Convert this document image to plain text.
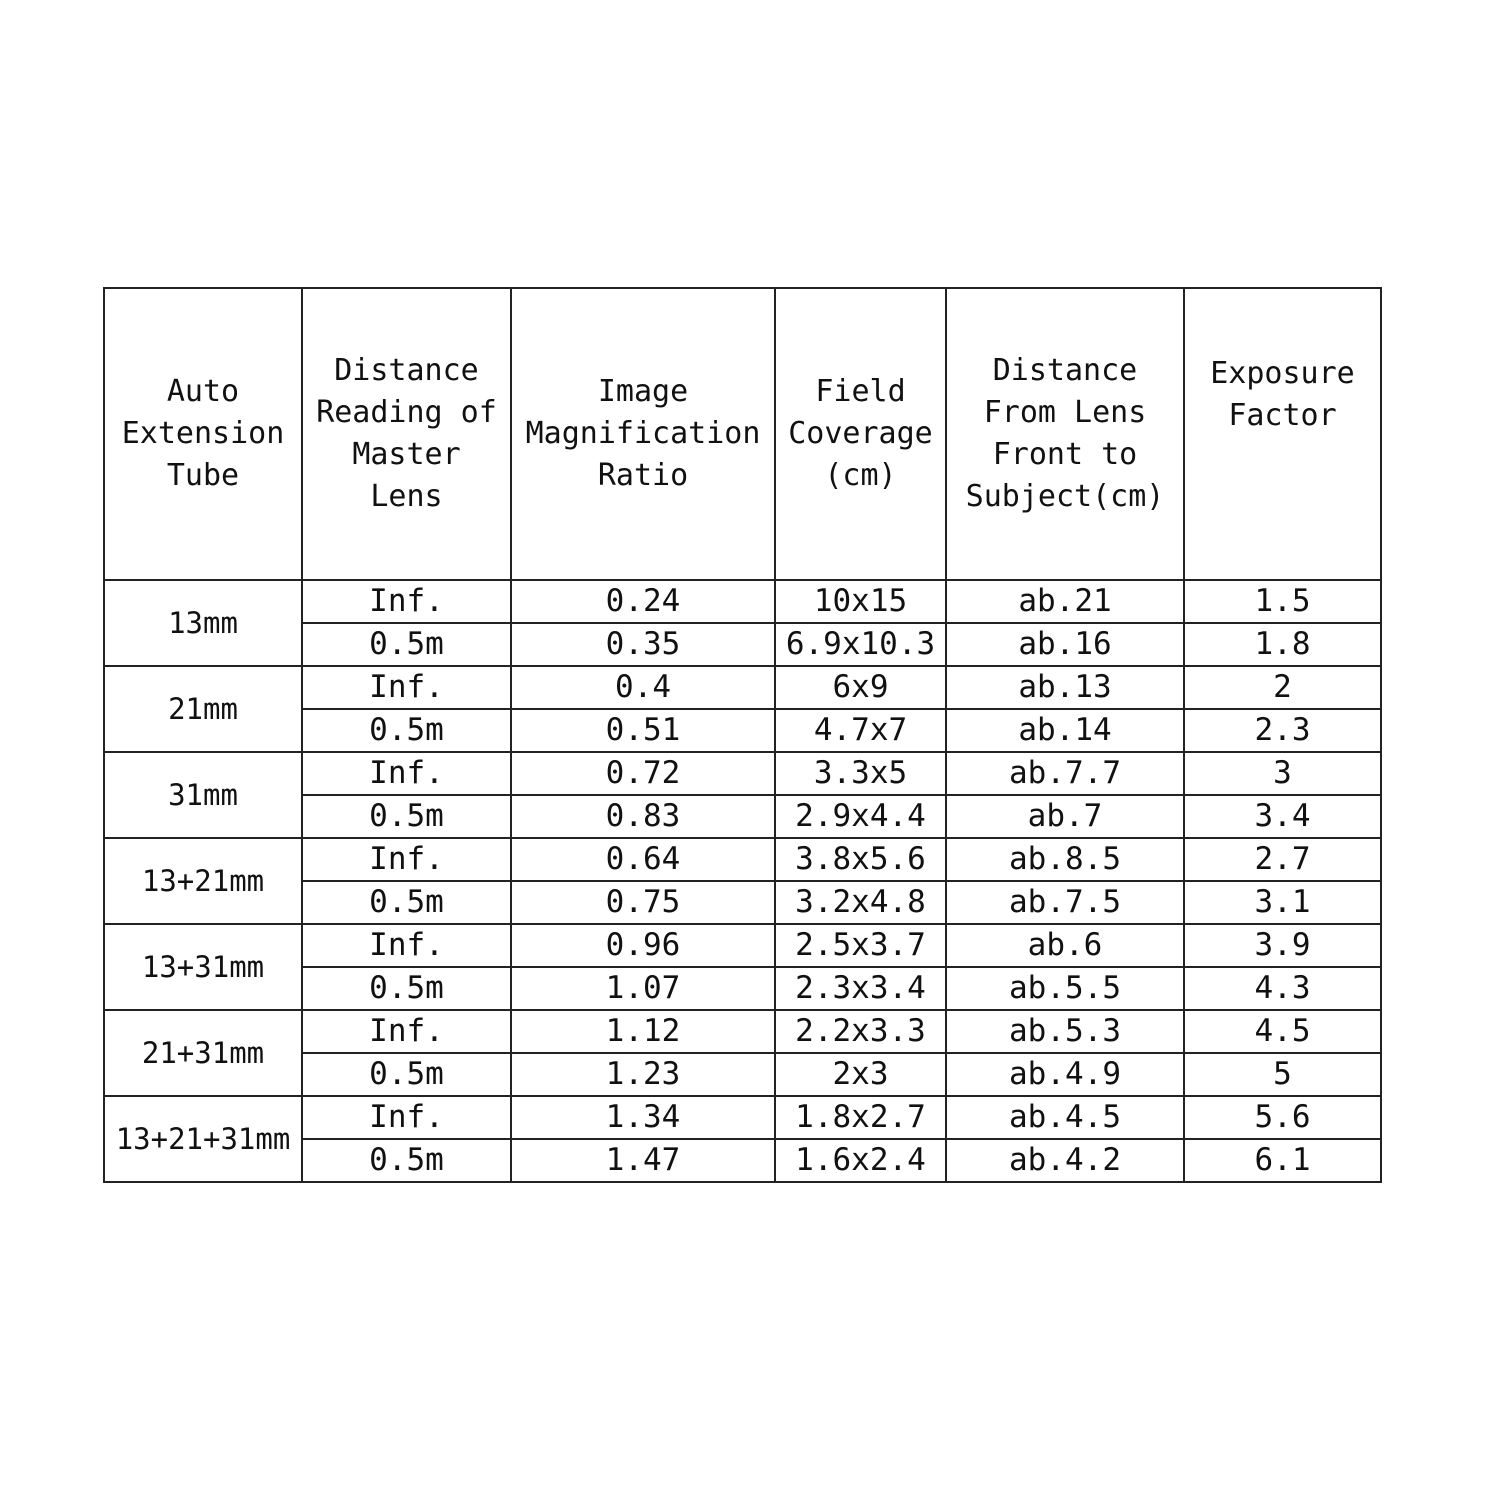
Auto
Extension
Tube	Distance
Reading of
Master
Lens	Image
Magnification
Ratio	Field
Coverage
(cm)	Distance
From Lens
Front to
Subject(cm)	Exposure
Factor
13mm	Inf.	0.24	10x15	ab.21	1.5
	0.5m	0.35	6.9x10.3	ab.16	1.8
21mm	Inf.	0.4	6x9	ab.13	2
	0.5m	0.51	4.7x7	ab.14	2.3
31mm	Inf.	0.72	3.3x5	ab.7.7	3
	0.5m	0.83	2.9x4.4	ab.7	3.4
13+21mm	Inf.	0.64	3.8x5.6	ab.8.5	2.7
	0.5m	0.75	3.2x4.8	ab.7.5	3.1
13+31mm	Inf.	0.96	2.5x3.7	ab.6	3.9
	0.5m	1.07	2.3x3.4	ab.5.5	4.3
21+31mm	Inf.	1.12	2.2x3.3	ab.5.3	4.5
	0.5m	1.23	2x3	ab.4.9	5
13+21+31mm	Inf.	1.34	1.8x2.7	ab.4.5	5.6
	0.5m	1.47	1.6x2.4	ab.4.2	6.1
